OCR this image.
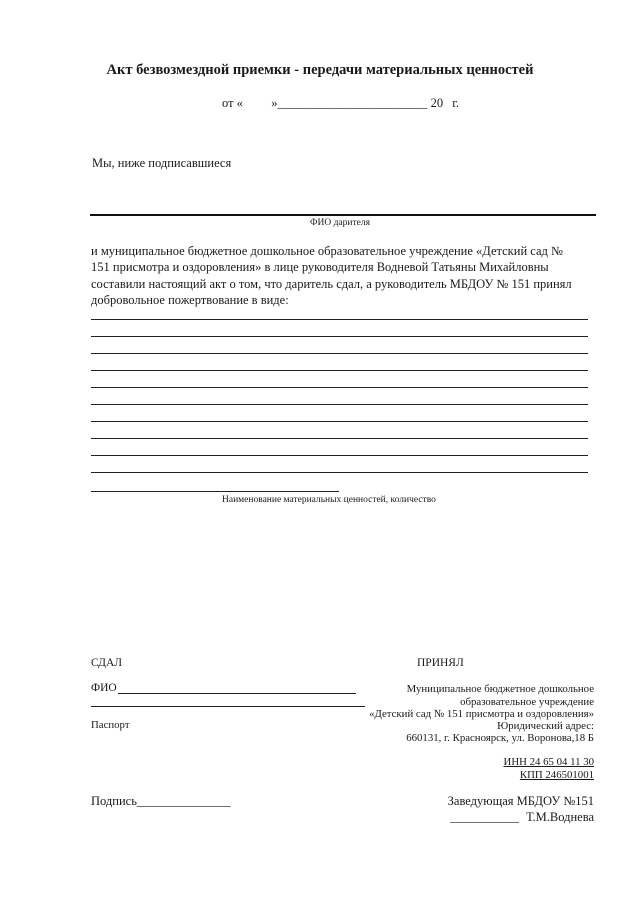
Акт безвозмездной приемки - передачи материальных ценностей
от « »________________________ 20 г.
Мы, ниже подписавшиеся
ФИО дарителя
и муниципальное бюджетное дошкольное образовательное учреждение «Детский сад №
151 присмотра и оздоровления» в лице руководителя Водневой Татьяны Михайловны
составили настоящий акт о том, что даритель сдал, а руководитель МБДОУ № 151 принял
добровольное пожертвование в виде:
Наименование материальных ценностей, количество
СДАЛ
ФИО
Паспорт
Подпись_______________
ПРИНЯЛ
Муниципальное бюджетное дошкольное
образовательное учреждение
«Детский сад № 151 присмотра и оздоровления»
Юридический адрес:
660131, г. Красноярск, ул. Воронова,18 Б
ИНН 24 65 04 11 30
КПП 246501001
Заведующая МБДОУ №151
___________ Т.М.Воднева
